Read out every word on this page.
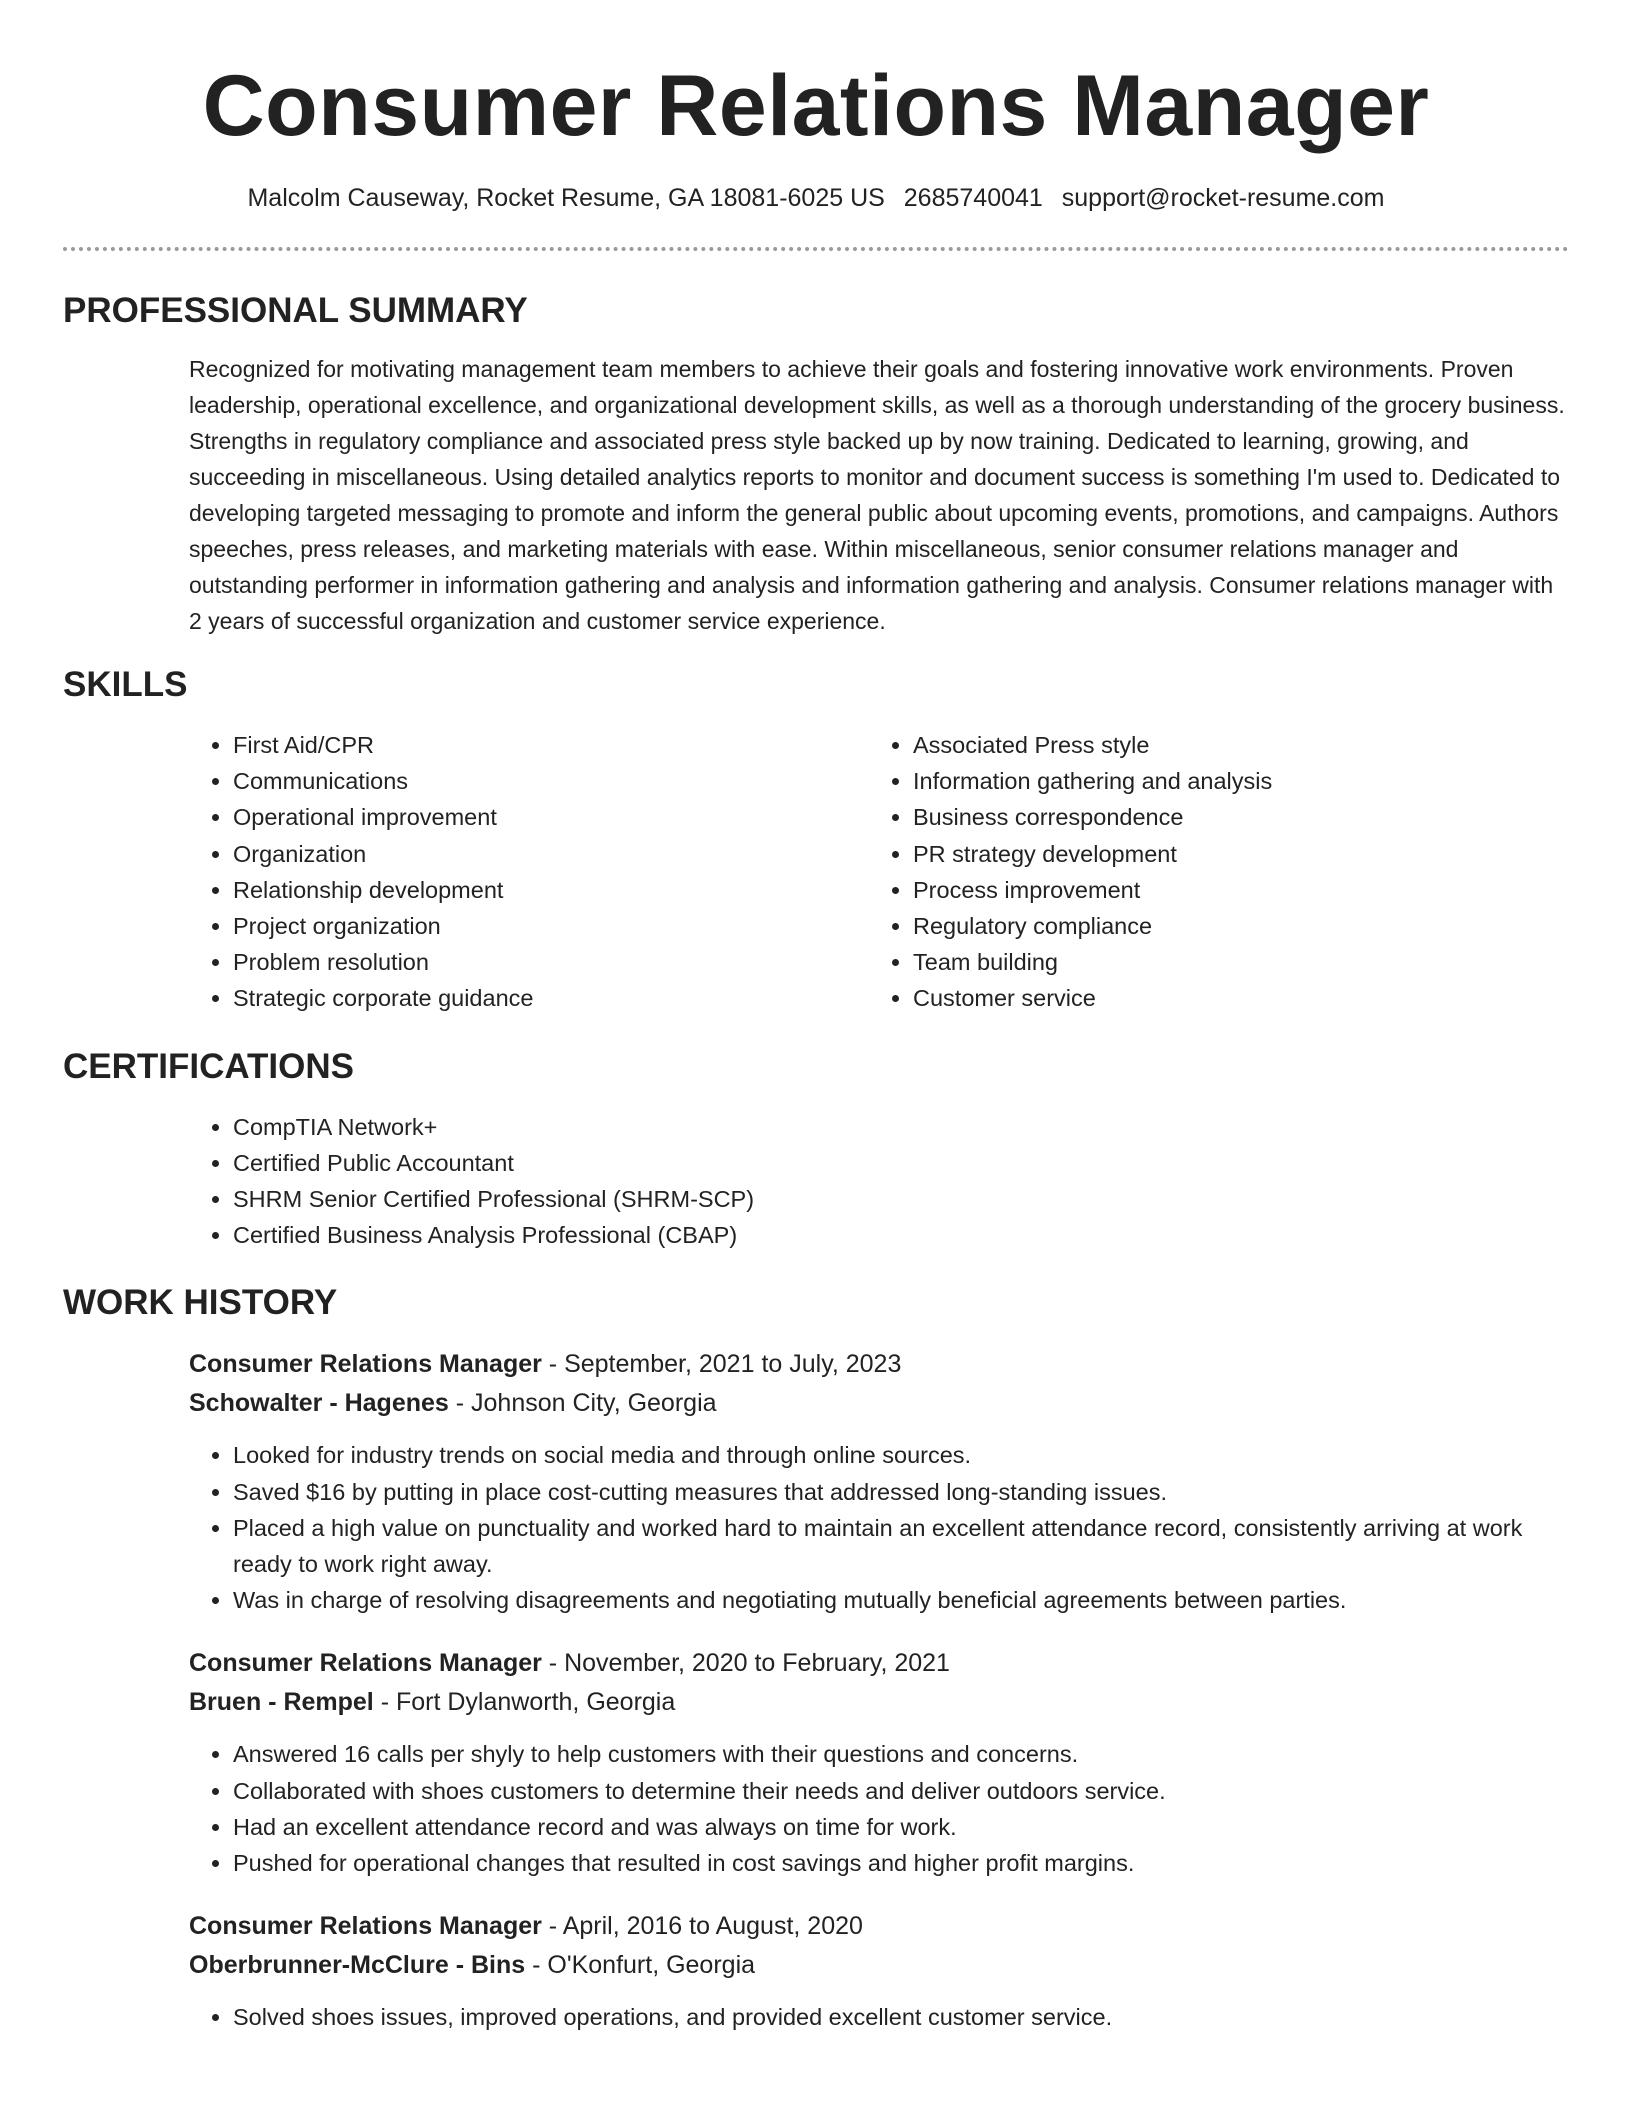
Consumer Relations Manager
Malcolm Causeway, Rocket Resume, GA 18081-6025 US 2685740041 support@rocket-resume.com
PROFESSIONAL SUMMARY

Recognized for motivating management team members to achieve their goals and fostering innovative work environments. Proven leadership, operational excellence, and organizational development skills, as well as a thorough understanding of the grocery business. Strengths in regulatory compliance and associated press style backed up by now training. Dedicated to learning, growing, and succeeding in miscellaneous. Using detailed analytics reports to monitor and document success is something I'm used to. Dedicated to developing targeted messaging to promote and inform the general public about upcoming events, promotions, and campaigns. Authors speeches, press releases, and marketing materials with ease. Within miscellaneous, senior consumer relations manager and outstanding performer in information gathering and analysis and information gathering and analysis. Consumer relations manager with 2 years of successful organization and customer service experience.

SKILLS
• First Aid/CPR
• Communications
• Operational improvement
• Organization
• Relationship development
• Project organization
• Problem resolution
• Strategic corporate guidance
• Associated Press style
• Information gathering and analysis
• Business correspondence
• PR strategy development
• Process improvement
• Regulatory compliance
• Team building
• Customer service
CERTIFICATIONS
• CompTIA Network+
• Certified Public Accountant
• SHRM Senior Certified Professional (SHRM-SCP)
• Certified Business Analysis Professional (CBAP)
WORK HISTORY
Consumer Relations Manager - September, 2021 to July, 2023
Schowalter - Hagenes - Johnson City, Georgia
• Looked for industry trends on social media and through online sources.
• Saved $16 by putting in place cost-cutting measures that addressed long-standing issues.
• Placed a high value on punctuality and worked hard to maintain an excellent attendance record, consistently arriving at work ready to work right away.
• Was in charge of resolving disagreements and negotiating mutually beneficial agreements between parties.
Consumer Relations Manager - November, 2020 to February, 2021
Bruen - Rempel - Fort Dylanworth, Georgia
• Answered 16 calls per shyly to help customers with their questions and concerns.
• Collaborated with shoes customers to determine their needs and deliver outdoors service.
• Had an excellent attendance record and was always on time for work.
• Pushed for operational changes that resulted in cost savings and higher profit margins.
Consumer Relations Manager - April, 2016 to August, 2020
Oberbrunner-McClure - Bins - O'Konfurt, Georgia
• Solved shoes issues, improved operations, and provided excellent customer service.
